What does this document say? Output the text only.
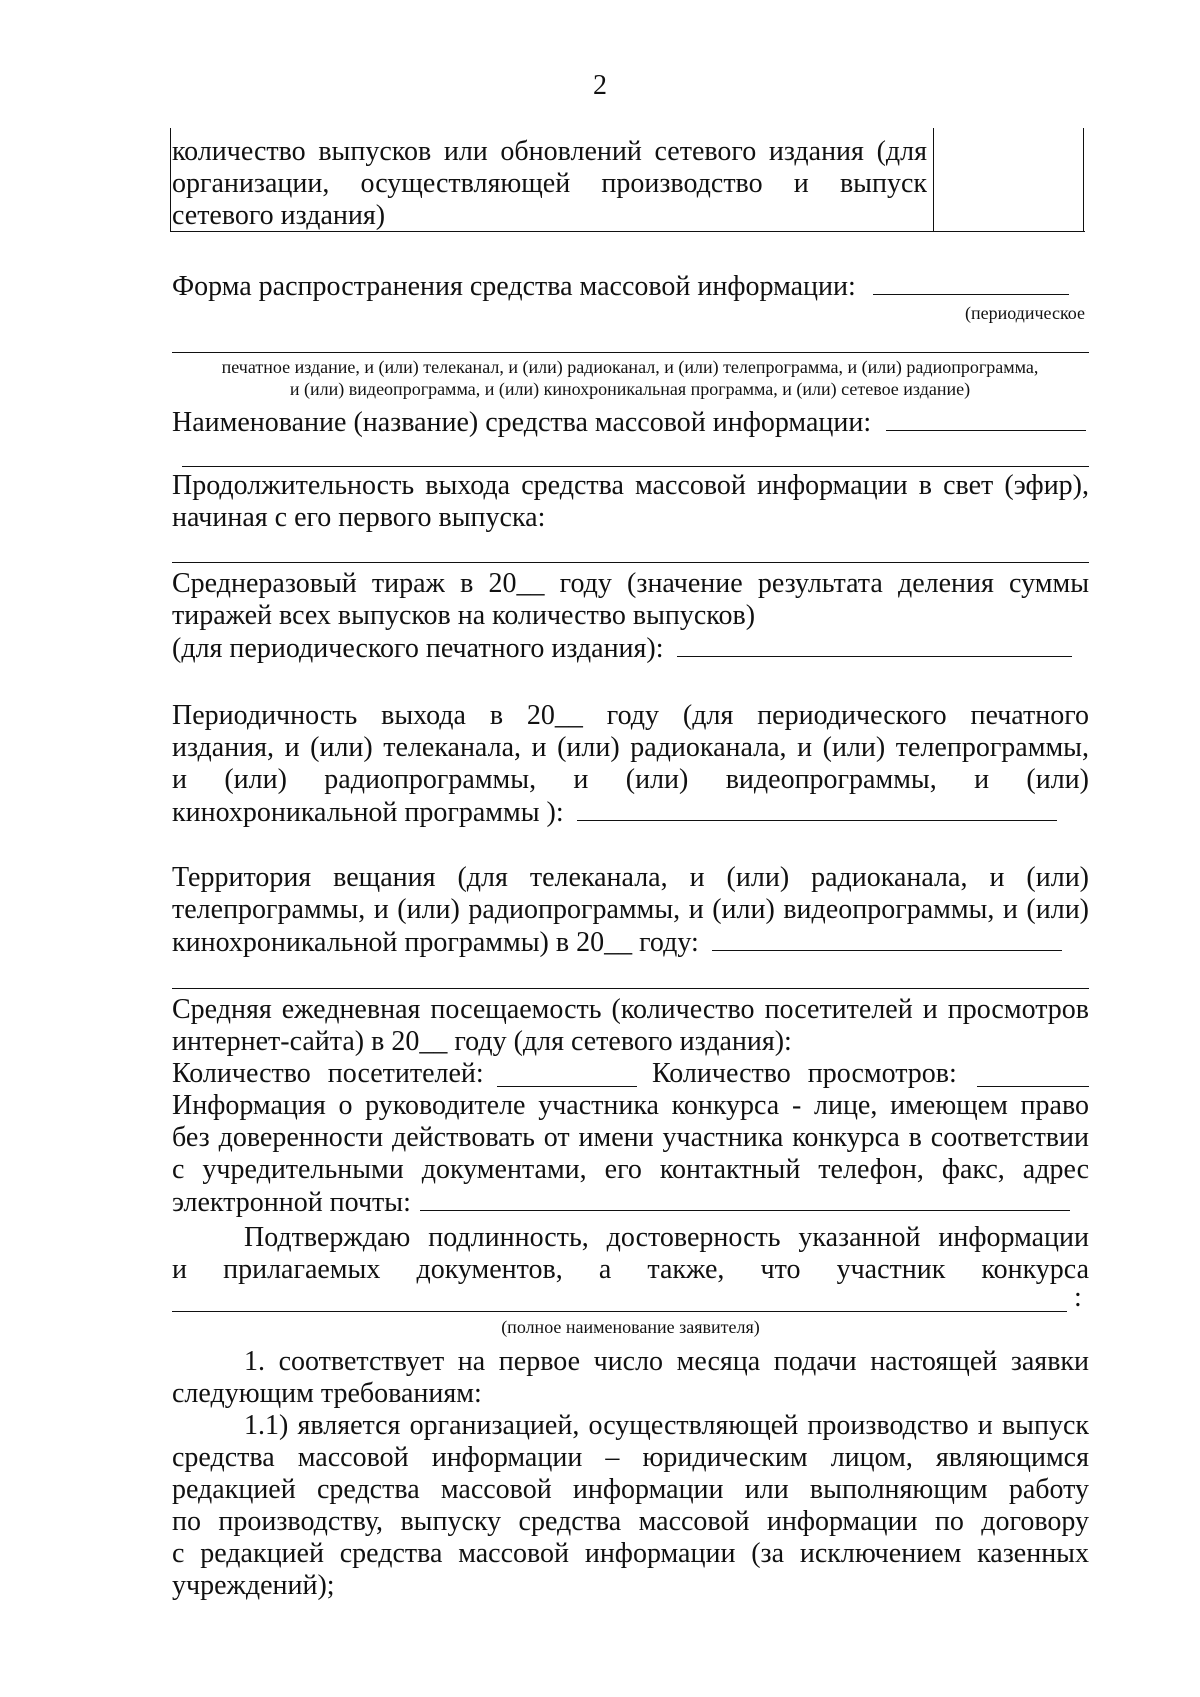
2
количество выпусков или обновлений сетевого издания (для
организации, осуществляющей производство и выпуск
сетевого издания)
Форма распространения средства массовой информации:
(периодическое
печатное издание, и (или) телеканал, и (или) радиоканал, и (или) телепрограмма, и (или) радиопрограмма,
и (или) видеопрограмма, и (или) кинохроникальная программа, и (или) сетевое издание)
Наименование (название) средства массовой информации:
Продолжительность выхода средства массовой информации в свет (эфир),
начиная с его первого выпуска:
Среднеразовый тираж в 20__ году (значение результата деления суммы
тиражей всех выпусков на количество выпусков)
(для периодического печатного издания):
Периодичность выхода в 20__ году (для периодического печатного
издания, и (или) телеканала, и (или) радиоканала, и (или) телепрограммы,
и (или) радиопрограммы, и (или) видеопрограммы, и (или)
кинохроникальной программы ):
Территория вещания (для телеканала, и (или) радиоканала, и (или)
телепрограммы, и (или) радиопрограммы, и (или) видеопрограммы, и (или)
кинохроникальной программы) в 20__ году:
Средняя ежедневная посещаемость (количество посетителей и просмотров
интернет-сайта) в 20__ году (для сетевого издания):
Количество посетителей:	Количество просмотров:
Информация о руководителе участника конкурса - лице, имеющем право
без доверенности действовать от имени участника конкурса в соответствии
с учредительными документами, его контактный телефон, факс, адрес
электронной почты:
Подтверждаю подлинность, достоверность указанной информации
и прилагаемых документов, а также, что участник конкурса
:
(полное наименование заявителя)
1. соответствует на первое число месяца подачи настоящей заявки
следующим требованиям:
1.1) является организацией, осуществляющей производство и выпуск
средства массовой информации – юридическим лицом, являющимся
редакцией средства массовой информации или выполняющим работу
по производству, выпуску средства массовой информации по договору
с редакцией средства массовой информации (за исключением казенных
учреждений);
